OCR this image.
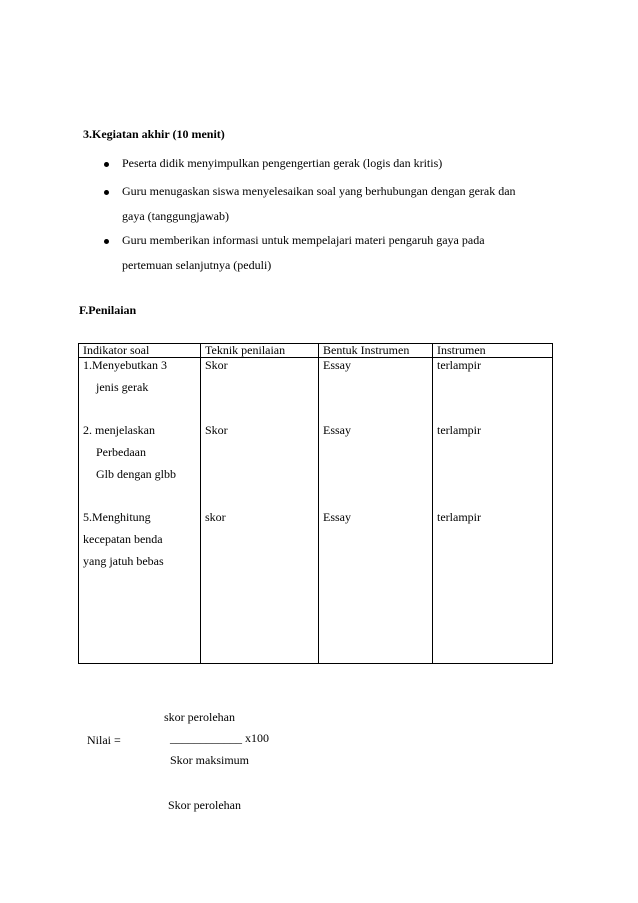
3.Kegiatan akhir (10 menit)
Peserta didik menyimpulkan pengengertian gerak (logis dan kritis)
Guru menugaskan siswa menyelesaikan soal yang berhubungan dengan gerak dan
gaya (tanggungjawab)
Guru memberikan informasi untuk mempelajari materi pengaruh gaya pada
pertemuan selanjutnya (peduli)
F.Penilaian
Indikator soal	Teknik penilaian	Bentuk Instrumen	Instrumen

1.Menyebutkan 3
jenis gerak	Skor	Essay	terlampir

2. menjelaskan
Perbedaan
Glb dengan glbb	Skor	Essay	terlampir

5.Menghitung
kecepatan benda
yang jatuh bebas	skor	Essay	terlampir
skor perolehan
Nilai =	____________ x100
Skor maksimum
Skor perolehan
